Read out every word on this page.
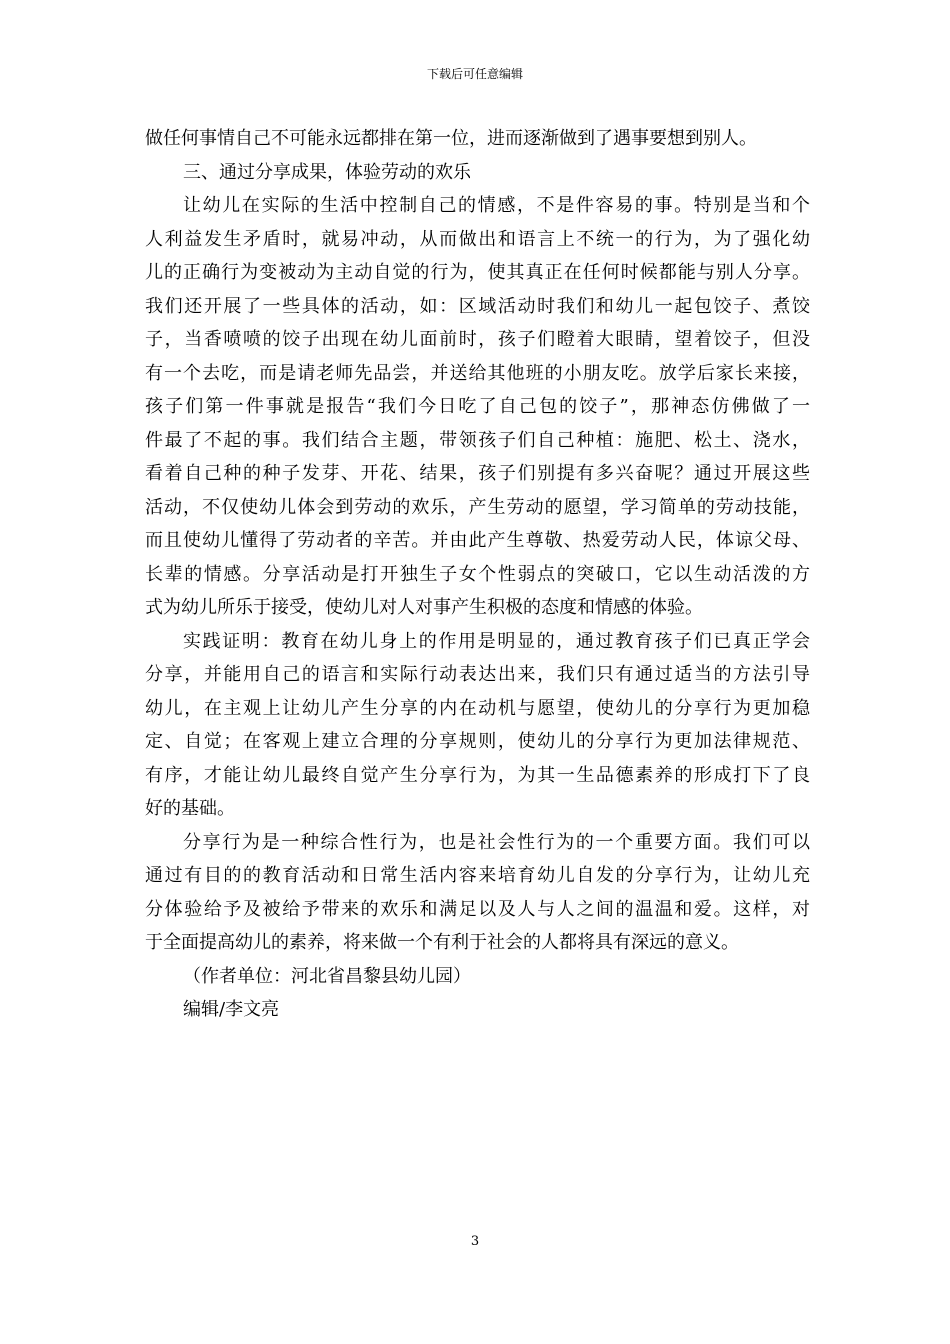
下载后可任意编辑
做任何事情自己不可能永远都排在第一位，进而逐渐做到了遇事要想到别人。
三、通过分享成果，体验劳动的欢乐
让幼儿在实际的生活中控制自己的情感，不是件容易的事。特别是当和个
人利益发生矛盾时，就易冲动，从而做出和语言上不统一的行为，为了强化幼
儿的正确行为变被动为主动自觉的行为，使其真正在任何时候都能与别人分享。
我们还开展了一些具体的活动，如：区域活动时我们和幼儿一起包饺子、煮饺
子，当香喷喷的饺子出现在幼儿面前时，孩子们瞪着大眼睛，望着饺子，但没
有一个去吃，而是请老师先品尝，并送给其他班的小朋友吃。放学后家长来接，
孩子们第一件事就是报告“我们今日吃了自己包的饺子”，那神态仿佛做了一
件最了不起的事。我们结合主题，带领孩子们自己种植：施肥、松土、浇水，
看着自己种的种子发芽、开花、结果，孩子们别提有多兴奋呢？通过开展这些
活动，不仅使幼儿体会到劳动的欢乐，产生劳动的愿望，学习简单的劳动技能，
而且使幼儿懂得了劳动者的辛苦。并由此产生尊敬、热爱劳动人民，体谅父母、
长辈的情感。分享活动是打开独生子女个性弱点的突破口，它以生动活泼的方
式为幼儿所乐于接受，使幼儿对人对事产生积极的态度和情感的体验。
实践证明：教育在幼儿身上的作用是明显的，通过教育孩子们已真正学会
分享，并能用自己的语言和实际行动表达出来，我们只有通过适当的方法引导
幼儿，在主观上让幼儿产生分享的内在动机与愿望，使幼儿的分享行为更加稳
定、自觉；在客观上建立合理的分享规则，使幼儿的分享行为更加法律规范、
有序，才能让幼儿最终自觉产生分享行为，为其一生品德素养的形成打下了良
好的基础。
分享行为是一种综合性行为，也是社会性行为的一个重要方面。我们可以
通过有目的的教育活动和日常生活内容来培育幼儿自发的分享行为，让幼儿充
分体验给予及被给予带来的欢乐和满足以及人与人之间的温温和爱。这样，对
于全面提高幼儿的素养，将来做一个有利于社会的人都将具有深远的意义。
（作者单位：河北省昌黎县幼儿园）
编辑/李文亮
3
